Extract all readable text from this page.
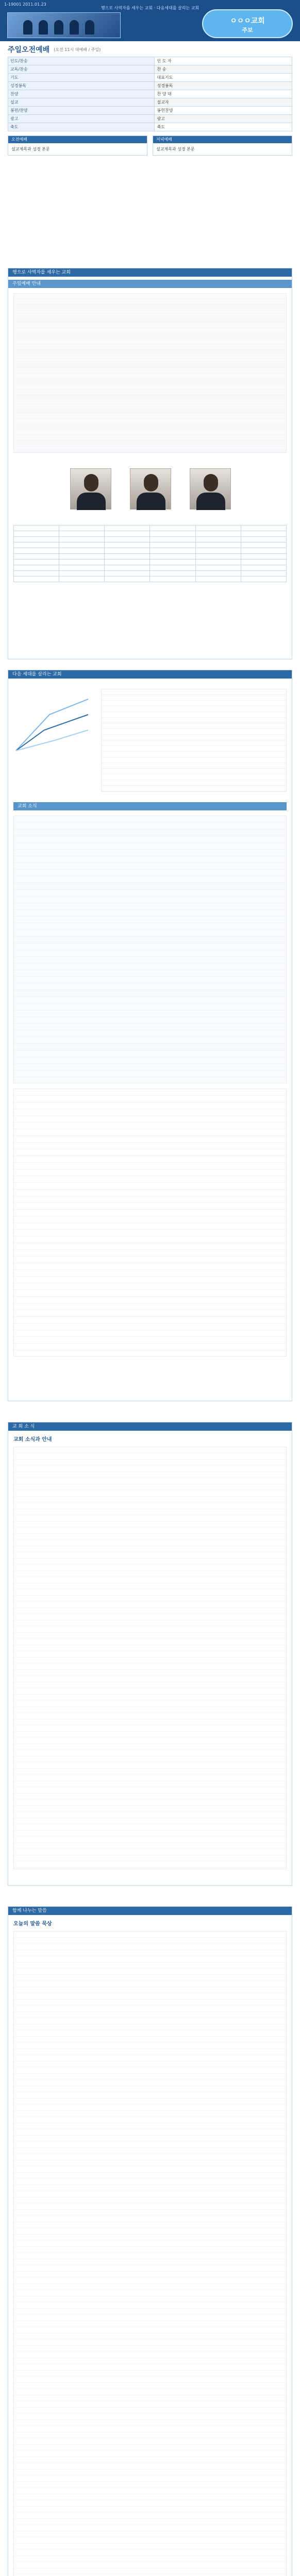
1-19001 2011.01.23
행으로 사역자를 세우는 교회 · 다음세대를 살리는 교회
ㅇㅇㅇ교회
주보
주일오전예배 (오전 11시 대예배 / 주일)
인도/찬송	인 도 자
교독/찬송	찬 송
기도	대표기도
성경봉독	성경봉독
찬양	찬 양 대
설교	설교자
봉헌/찬양	봉헌찬양
광고	광고
축도	축도
오전예배
설교제목과 성경 본문
저녁예배
설교제목과 성경 본문
행으로 사역자를 세우는 교회
주일예배 안내

다음 세대를 살리는 교회
교회 소식
교 회 소 식
교회 소식과 안내
함께 나누는 말씀
오늘의 말씀 묵상
